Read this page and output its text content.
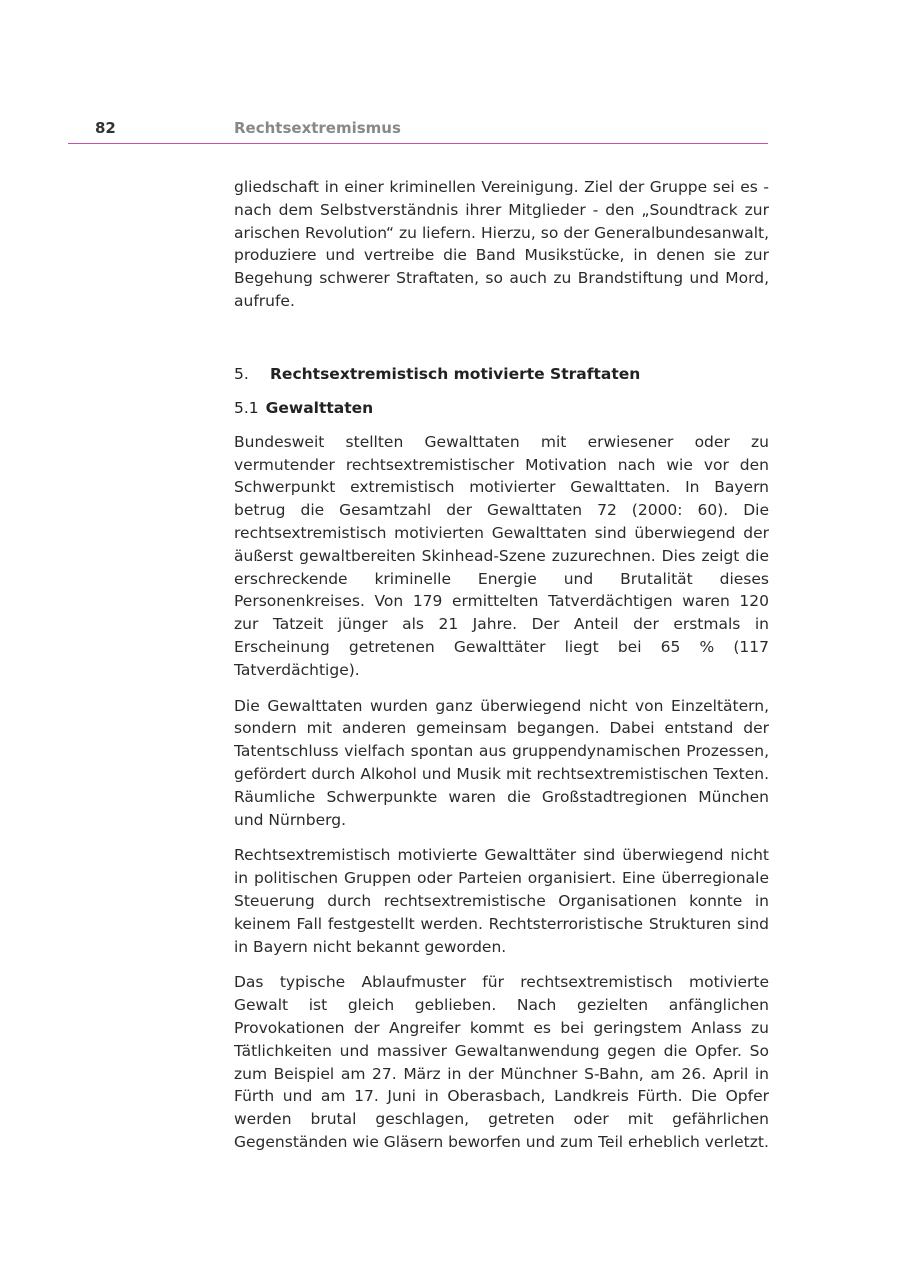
82	Rechtsextremismus

gliedschaft in einer kriminellen Vereinigung. Ziel der Gruppe sei es - nach dem Selbstverständnis ihrer Mitglieder - den „Soundtrack zur arischen Revolution“ zu liefern. Hierzu, so der Generalbundesanwalt, produziere und vertreibe die Band Musikstücke, in denen sie zur Begehung schwerer Straftaten, so auch zu Brandstiftung und Mord, aufrufe.

5. Rechtsextremistisch motivierte Straftaten
5.1 Gewalttaten

Bundesweit stellten Gewalttaten mit erwiesener oder zu vermutender rechtsextremistischer Motivation nach wie vor den Schwerpunkt extremistisch motivierter Gewalttaten. In Bayern betrug die Gesamtzahl der Gewalttaten 72 (2000: 60). Die rechtsextremistisch motivierten Gewalttaten sind überwiegend der äußerst gewaltbereiten Skinhead-Szene zuzurechnen. Dies zeigt die erschreckende kriminelle Energie und Brutalität dieses Personenkreises. Von 179 ermittelten Tatverdächtigen waren 120 zur Tatzeit jünger als 21 Jahre. Der Anteil der erstmals in Erscheinung getretenen Gewalttäter liegt bei 65 % (117 Tatverdächtige).

Die Gewalttaten wurden ganz überwiegend nicht von Einzeltätern, sondern mit anderen gemeinsam begangen. Dabei entstand der Tatentschluss vielfach spontan aus gruppendynamischen Prozessen, gefördert durch Alkohol und Musik mit rechtsextremistischen Texten. Räumliche Schwerpunkte waren die Großstadtregionen München und Nürnberg.

Rechtsextremistisch motivierte Gewalttäter sind überwiegend nicht in politischen Gruppen oder Parteien organisiert. Eine überregionale Steuerung durch rechtsextremistische Organisationen konnte in keinem Fall festgestellt werden. Rechtsterroristische Strukturen sind in Bayern nicht bekannt geworden.

Das typische Ablaufmuster für rechtsextremistisch motivierte Gewalt ist gleich geblieben. Nach gezielten anfänglichen Provokationen der Angreifer kommt es bei geringstem Anlass zu Tätlichkeiten und massiver Gewaltanwendung gegen die Opfer. So zum Beispiel am 27. März in der Münchner S-Bahn, am 26. April in Fürth und am 17. Juni in Oberasbach, Landkreis Fürth. Die Opfer werden brutal geschlagen, getreten oder mit gefährlichen Gegenständen wie Gläsern beworfen und zum Teil erheblich verletzt.
